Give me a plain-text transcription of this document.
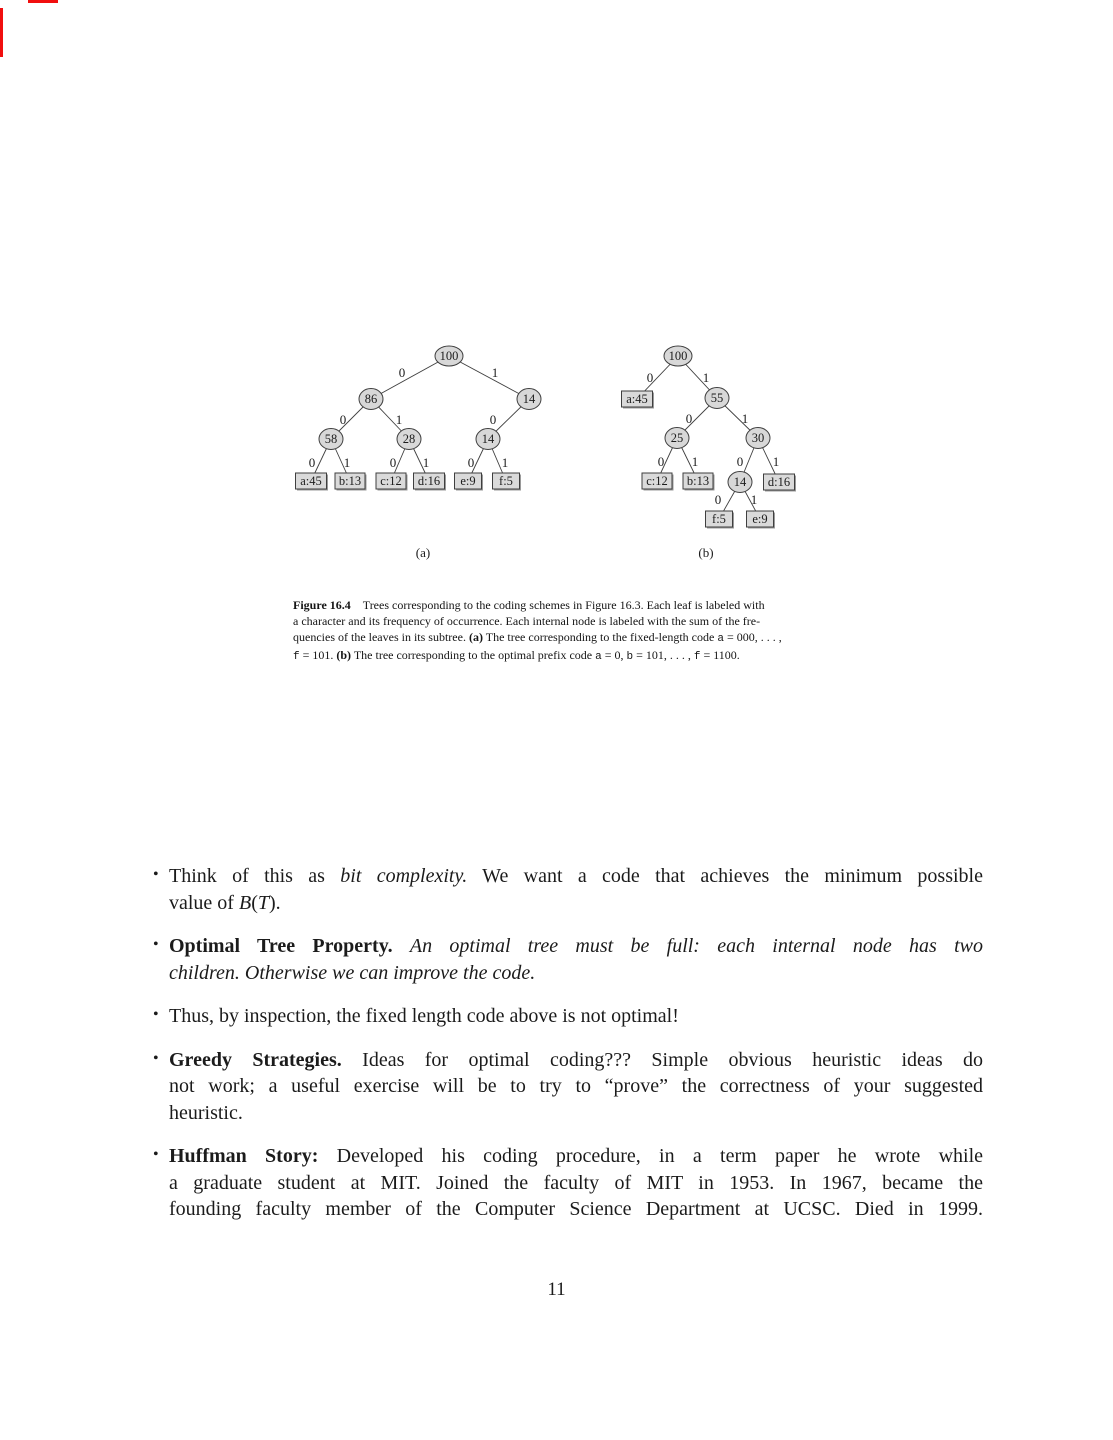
0	1
0	1	0
0 1	0 1	0 1
100
86	14
58	28	14
a:45 b:13 c:12 d:16 e:9 f:5
(a)
0	1
0	1
0 1	0 1
0 1
100
a:45	55
25	30
c:12 b:13 14 d:16
f:5 e:9
(b)
Figure 16.4  Trees corresponding to the coding schemes in Figure 16.3. Each leaf is labeled with
a character and its frequency of occurrence. Each internal node is labeled with the sum of the fre-
quencies of the leaves in its subtree. (a) The tree corresponding to the fixed-length code a = 000, . . . ,
f = 101. (b) The tree corresponding to the optimal prefix code a = 0, b = 101, . . . , f = 1100.
• Think of this as bit complexity. We want a code that achieves the minimum possible
value of B(T).
• Optimal Tree Property. An optimal tree must be full: each internal node has two
children. Otherwise we can improve the code.
• Thus, by inspection, the fixed length code above is not optimal!
• Greedy Strategies. Ideas for optimal coding??? Simple obvious heuristic ideas do
not work; a useful exercise will be to try to “prove” the correctness of your suggested
heuristic.
• Huffman Story: Developed his coding procedure, in a term paper he wrote while
a graduate student at MIT. Joined the faculty of MIT in 1953. In 1967, became the
founding faculty member of the Computer Science Department at UCSC. Died in 1999.
11
